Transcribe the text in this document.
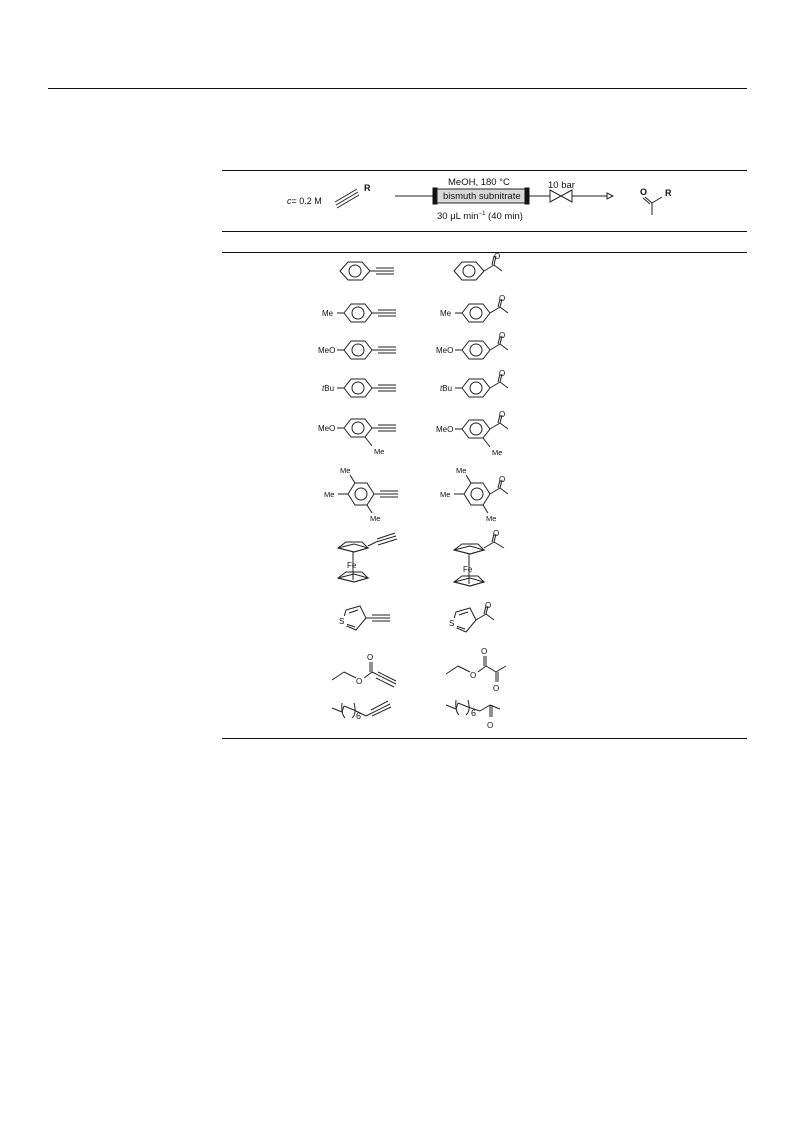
c= 0.2 M
R	MeOH, 180 °C
bismuth subnitrate
30 μL $\min^{-1} (40$ min)
10 bar
O R
O
Me	Me
O
MeO	MeO
O
tBu	tBu
O
MeO
Me
MeO
O
Me
Me
Me
Me
Me
Me
O
Me
Fe
O
Fe
S	S
O
O
O
O
O
O
6	6
O
